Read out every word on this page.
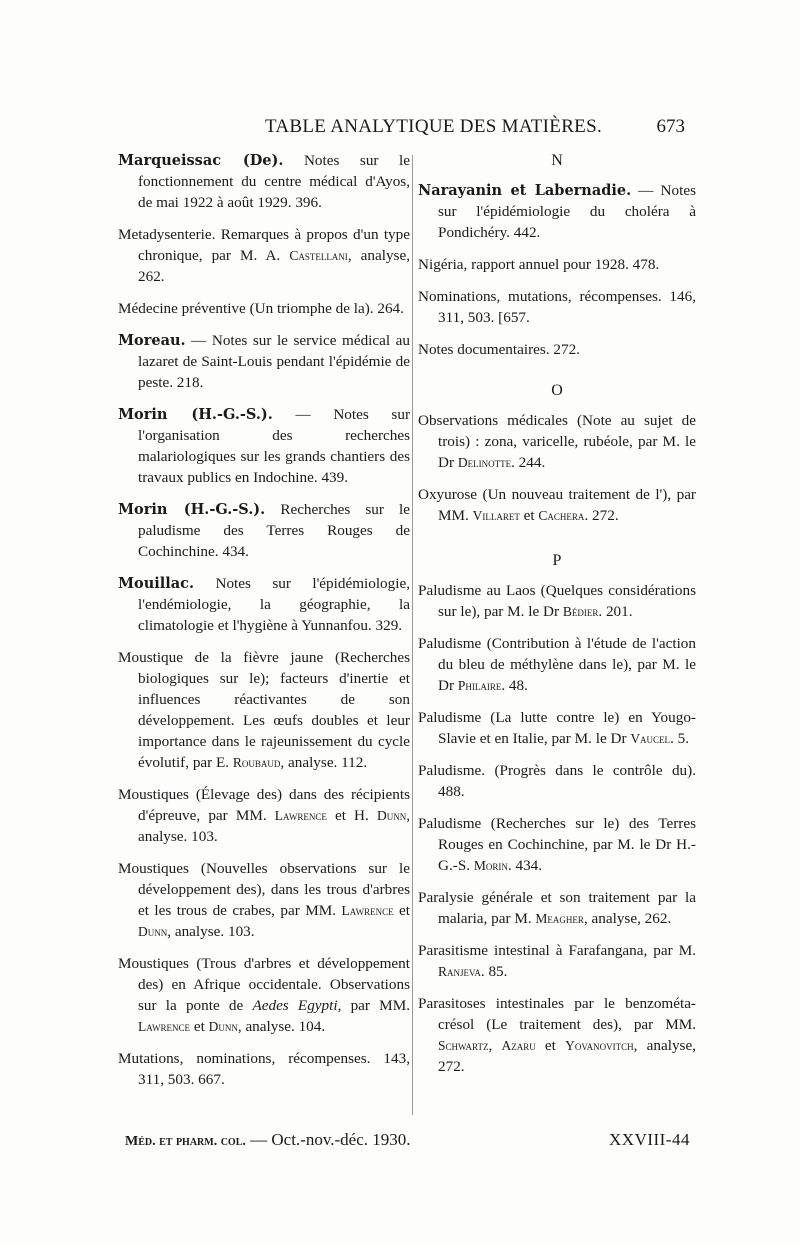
TABLE ANALYTIQUE DES MATIÈRES.	673

Marqueissac (De). Notes sur le fonctionnement du centre médical d'Ayos, de mai 1922 à août 1929. 396.

Metadysenterie. Remarques à propos d'un type chronique, par M. A. Castellani, analyse, 262.

Médecine préventive (Un triomphe de la). 264.

Moreau. — Notes sur le service médical au lazaret de Saint-Louis pendant l'épidémie de peste. 218.

Morin (H.-G.-S.). — Notes sur l'organisation des recherches malariologiques sur les grands chantiers des travaux publics en Indochine. 439.

Morin (H.-G.-S.). Recherches sur le paludisme des Terres Rouges de Cochinchine. 434.

Mouillac. Notes sur l'épidémiologie, l'endémiologie, la géographie, la climatologie et l'hygiène à Yunnanfou. 329.

Moustique de la fièvre jaune (Recherches biologiques sur le); facteurs d'inertie et influences réactivantes de son développement. Les œufs doubles et leur importance dans le rajeunissement du cycle évolutif, par E. Roubaud, analyse. 112.

Moustiques (Élevage des) dans des récipients d'épreuve, par MM. Lawrence et H. Dunn, analyse. 103.

Moustiques (Nouvelles observations sur le développement des), dans les trous d'arbres et les trous de crabes, par MM. Lawrence et Dunn, analyse. 103.

Moustiques (Trous d'arbres et développement des) en Afrique occidentale. Observations sur la ponte de Aedes Egypti, par MM. Lawrence et Dunn, analyse. 104.

Mutations, nominations, récompenses. 143, 311, 503. 667.

N

Narayanin et Labernadie. — Notes sur l'épidémiologie du choléra à Pondichéry. 442.

Nigéria, rapport annuel pour 1928. 478.

Nominations, mutations, récompenses. 146, 311, 503. [657.

Notes documentaires. 272.

O

Observations médicales (Note au sujet de trois) : zona, varicelle, rubéole, par M. le Dr Delinotte. 244.

Oxyurose (Un nouveau traitement de l'), par MM. Villaret et Cachera. 272.

P

Paludisme au Laos (Quelques considérations sur le), par M. le Dr Bédier. 201.

Paludisme (Contribution à l'étude de l'action du bleu de méthylène dans le), par M. le Dr Philaire. 48.

Paludisme (La lutte contre le) en Yougo-Slavie et en Italie, par M. le Dr Vaucel. 5.

Paludisme. (Progrès dans le contrôle du). 488.

Paludisme (Recherches sur le) des Terres Rouges en Cochinchine, par M. le Dr H.-G.-S. Morin. 434.

Paralysie générale et son traitement par la malaria, par M. Meagher, analyse, 262.

Parasitisme intestinal à Farafangana, par M. Ranjeva. 85.

Parasitoses intestinales par le benzométa-crésol (Le traitement des), par MM. Schwartz, Azaru et Yovanovitch, analyse, 272.

Méd. et pharm. col. — Oct.-nov.-déc. 1930.	XXVIII-44
